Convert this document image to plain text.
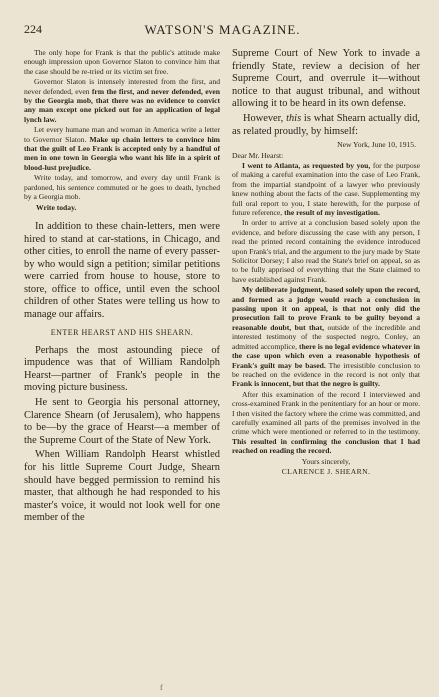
224	WATSON'S MAGAZINE.

The only hope for Frank is that the public's attitude make enough impression upon Governor Slaton to convince him that the case should be re-tried or its victim set free.

Governor Slaton is intensely interested from the first, and never defended, even frm the first, and never defended, even by the Georgia mob, that there was no evidence to convict any man except one picked out for an application of legal lynch law.

Let every humane man and woman in America write a letter to Governor Slaton. Make up chain letters to convince him that the guilt of Leo Frank is accepted only by a handful of men in one town in Georgia who want his life in a spirit of blood-lust prejudice.

Write today, and tomorrow, and every day until Frank is pardoned, his sentence commuted or he goes to death, lynched by a Georgia mob.

Write today.

In addition to these chain-letters, men were hired to stand at car-stations, in Chicago, and other cities, to enroll the name of every passer-by who would sign a petition; similar petitions were carried from house to house, store to store, office to office, until even the school children of other States were telling us how to manage our affairs.

ENTER HEARST AND HIS SHEARN.

Perhaps the most astounding piece of impudence was that of William Randolph Hearst—partner of Frank's people in the moving picture business.

He sent to Georgia his personal attorney, Clarence Shearn (of Jerusalem), who happens to be—by the grace of Hearst—a member of the Supreme Court of the State of New York.

When William Randolph Hearst whistled for his little Supreme Court Judge, Shearn should have begged permission to remind his master, that although he had responded to his master's voice, it would not look well for one member of the

Supreme Court of New York to invade a friendly State, review a decision of her Supreme Court, and overrule it—without notice to that august tribunal, and without allowing it to be heard in its own defense.

However, this is what Shearn actually did, as related proudly, by himself:

New York, June 10, 1915.

Dear Mr. Hearst:

I went to Atlanta, as requested by you, for the purpose of making a careful examination into the case of Leo Frank, from the impartial standpoint of a lawyer who previously knew nothing about the facts of the case. Supplementing my full oral report to you, I state herewith, for the purpose of future reference, the result of my investigation.

In order to arrive at a conclusion based solely upon the evidence, and before discussing the case with any person, I read the printed record containing the evidence introduced upon Frank's trial, and the argument to the jury made by State Solicitor Dorsey; I also read the State's brief on appeal, so as to be fully apprised of everything that the State claimed to have established against Frank.

My deliberate judgment, based solely upon the record, and formed as a judge would reach a conclusion in passing upon it on appeal, is that not only did the prosecution fail to prove Frank to be guilty beyond a reasonable doubt, but that, outside of the incredible and interested testimony of the suspected negro, Conley, an admitted accomplice, there is no legal evidence whatever in the case upon which even a reasonable hypothesis of Frank's guilt may be based. The irresistible conclusion to be reached on the evidence in the record is not only that Frank is innocent, but that the negro is guilty.

After this examination of the record I interviewed and cross-examined Frank in the penitentiary for an hour or more. I then visited the factory where the crime was committed, and carefully examined all parts of the premises involved in the crime which were mentioned or referred to in the testimony. This resulted in confirming the conclusion that I had reached on reading the record.

Yours sincerely,

CLARENCE J. SHEARN.

f
